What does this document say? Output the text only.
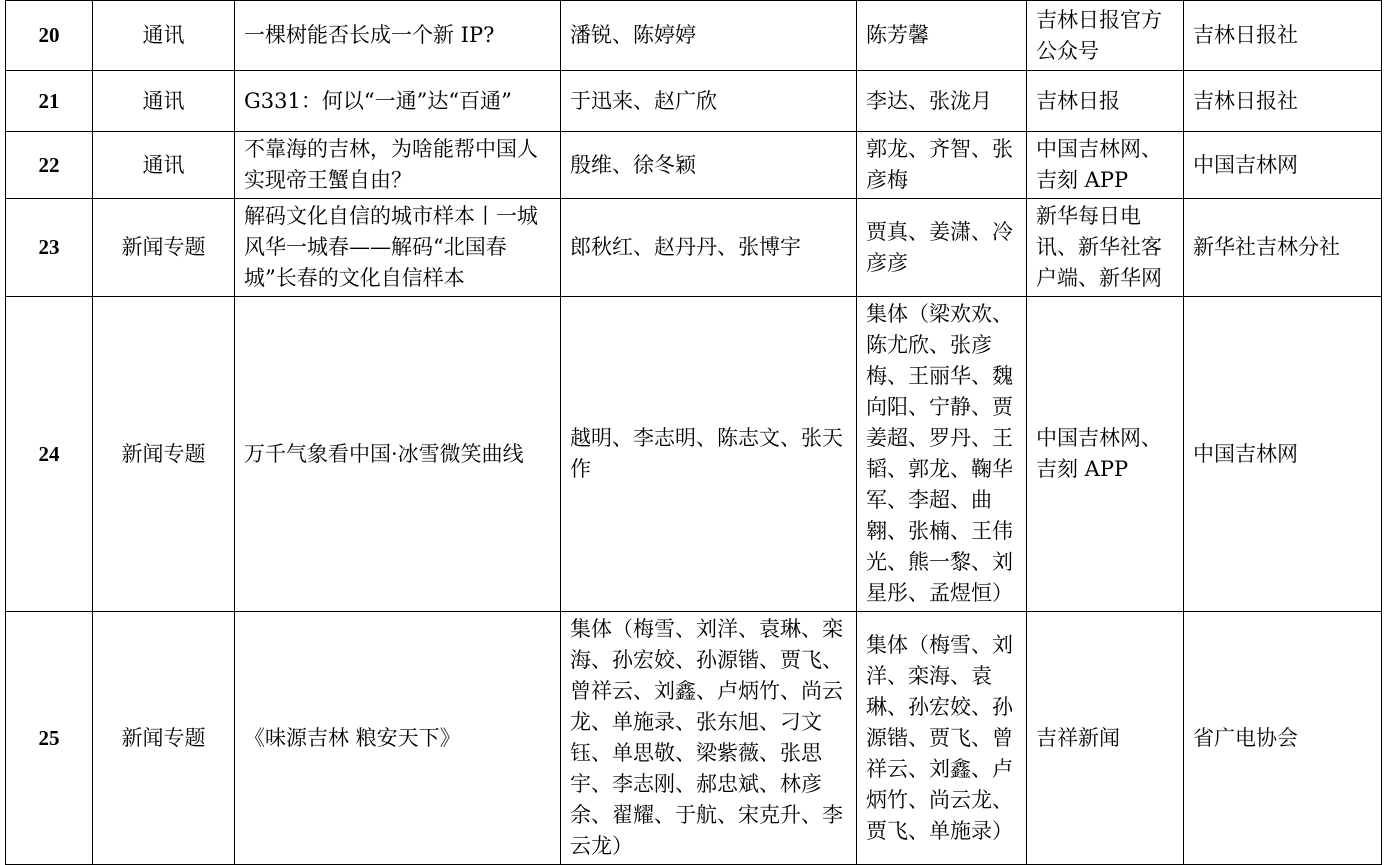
20	通讯	一棵树能否长成一个新 IP?	潘锐、陈婷婷	陈芳馨	吉林日报官方公众号	吉林日报社
21	通讯	G331：何以“一通”达“百通”	于迅来、赵广欣	李达、张泷月	吉林日报	吉林日报社
22	通讯	不靠海的吉林，为啥能帮中国人实现帝王蟹自由？	殷维、徐冬颖	郭龙、齐智、张彦梅	中国吉林网、吉刻 APP	中国吉林网
23	新闻专题	解码文化自信的城市样本丨一城风华一城春——解码“北国春城”长春的文化自信样本	郎秋红、赵丹丹、张博宇	贾真、姜潇、冷彦彦	新华每日电讯、新华社客户端、新华网	新华社吉林分社
24	新闻专题	万千气象看中国·冰雪微笑曲线	越明、李志明、陈志文、张天作	集体（梁欢欢、陈尤欣、张彦梅、王丽华、魏向阳、宁静、贾姜超、罗丹、王韬、郭龙、鞠华军、李超、曲翱、张楠、王伟光、熊一黎、刘星彤、孟煜恒）	中国吉林网、吉刻 APP	中国吉林网
25	新闻专题	《味源吉林 粮安天下》	集体（梅雪、刘洋、袁琳、栾海、孙宏姣、孙源锴、贾飞、曾祥云、刘鑫、卢炳竹、尚云龙、单施录、张东旭、刁文钰、单思敬、梁紫薇、张思宇、李志刚、郝忠斌、林彦余、翟耀、于航、宋克升、李云龙）	集体（梅雪、刘洋、栾海、袁琳、孙宏姣、孙源锴、贾飞、曾祥云、刘鑫、卢炳竹、尚云龙、贾飞、单施录）	吉祥新闻	省广电协会
